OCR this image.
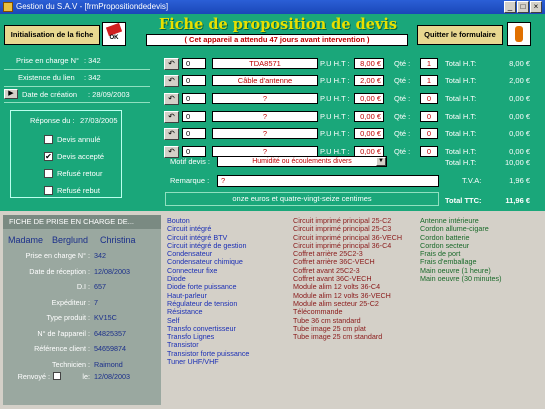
Gestion du S.A.V - [frmPropositiondedevis]	_	□	×
Initialisation de la fiche	OK
Fiche de proposition de devis
( Cet appareil a attendu 47 jours avant intervention )
Quitter le formulaire
Prise en charge N° : 342
Existence du lien : 342
▶	Date de création : 28/09/2003
Réponse du : 27/03/2005
Devis annulé
✔ Devis accepté
Refusé retour
Refusé rebut
↶	0	TDA8571	P.U H.T :	8,00 €	Qté :	1	Total H.T:	8,00 €
↶	0	Câble d'antenne	P.U H.T :	2,00 €	Qté :	1	Total H.T:	2,00 €
↶	0	?	P.U H.T :	0,00 €	Qté :	0	Total H.T:	0,00 €
↶	0	?	P.U H.T :	0,00 €	Qté :	0	Total H.T:	0,00 €
↶	0	?	P.U H.T :	0,00 €	Qté :	0	Total H.T:	0,00 €
↶	0	?	P.U H.T :	0,00 €	Qté :	0	Total H.T:	0,00 €
Motif devis :	Humidité ou écoulements divers	▼
Remarque :	?
Total H.T:	10,00 €
T.V.A:	1,96 €
Total TTC:	11,96 €
onze euros et quatre-vingt-seize centimes
FICHE DE PRISE EN CHARGE DE...
Madame Berglund Christina
Prise en charge N° : 342
Date de réception : 12/08/2003
D.I : 657
Expéditeur : 7
Type produit : KV15C
N° de l'appareil : 64825357
Référence client : 54659874
Technicien : Raimond
Renvoyé :	le: 12/08/2003
Bouton
Circuit intégré
Circuit intégré BTV
Circuit intégré de gestion
Condensateur
Condensateur chimique
Connecteur fixe
Diode
Diode forte puissance
Haut-parleur
Régulateur de tension
Résistance
Self
Transfo convertisseur
Transfo Lignes
Transistor
Transistor forte puissance
Tuner UHF/VHF
Circuit imprimé principal 25-C2
Circuit imprimé principal 25-C3
Circuit imprimé principal 36-VECH
Circuit imprimé principal 36-C4
Coffret arrière 25C2-3
Coffret arrière 36C-VECH
Coffret avant 25C2-3
Coffret avant 36C-VECH
Module alim 12 volts 36-C4
Module alim 12 volts 36-VECH
Module alim secteur 25-C2
Télécommande
Tube 36 cm standard
Tube image 25 cm plat
Tube image 25 cm standard
Antenne intérieure
Cordon allume-cigare
Cordon batterie
Cordon secteur
Frais de port
Frais d'emballage
Main oeuvre (1 heure)
Main oeuvre (30 minutes)
